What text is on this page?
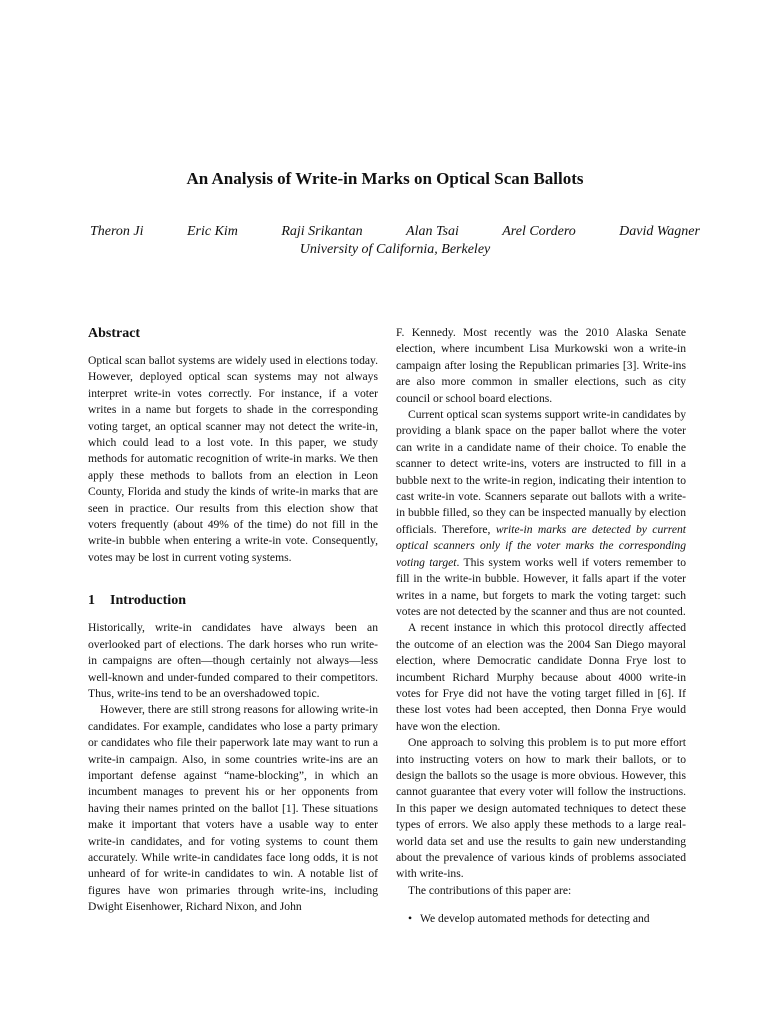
An Analysis of Write-in Marks on Optical Scan Ballots
Theron Ji	Eric Kim	Raji Srikantan	Alan Tsai	Arel Cordero	David Wagner
University of California, Berkeley
Abstract

Optical scan ballot systems are widely used in elections today. However, deployed optical scan systems may not always interpret write-in votes correctly. For instance, if a voter writes in a name but forgets to shade in the corresponding voting target, an optical scanner may not detect the write-in, which could lead to a lost vote. In this paper, we study methods for automatic recognition of write-in marks. We then apply these methods to ballots from an election in Leon County, Florida and study the kinds of write-in marks that are seen in practice. Our results from this election show that voters frequently (about 49% of the time) do not fill in the write-in bubble when entering a write-in vote. Consequently, votes may be lost in current voting systems.

1 Introduction

Historically, write-in candidates have always been an overlooked part of elections. The dark horses who run write-in campaigns are often—though certainly not always—less well-known and under-funded compared to their competitors. Thus, write-ins tend to be an overshadowed topic.

However, there are still strong reasons for allowing write-in candidates. For example, candidates who lose a party primary or candidates who file their paperwork late may want to run a write-in campaign. Also, in some countries write-ins are an important defense against “name-blocking”, in which an incumbent manages to prevent his or her opponents from having their names printed on the ballot [1]. These situations make it important that voters have a usable way to enter write-in candidates, and for voting systems to count them accurately. While write-in candidates face long odds, it is not unheard of for write-in candidates to win. A notable list of figures have won primaries through write-ins, including Dwight Eisenhower, Richard Nixon, and John

F. Kennedy. Most recently was the 2010 Alaska Senate election, where incumbent Lisa Murkowski won a write-in campaign after losing the Republican primaries [3]. Write-ins are also more common in smaller elections, such as city council or school board elections.

Current optical scan systems support write-in candidates by providing a blank space on the paper ballot where the voter can write in a candidate name of their choice. To enable the scanner to detect write-ins, voters are instructed to fill in a bubble next to the write-in region, indicating their intention to cast write-in vote. Scanners separate out ballots with a write-in bubble filled, so they can be inspected manually by election officials. Therefore, write-in marks are detected by current optical scanners only if the voter marks the corresponding voting target. This system works well if voters remember to fill in the write-in bubble. However, it falls apart if the voter writes in a name, but forgets to mark the voting target: such votes are not detected by the scanner and thus are not counted.

A recent instance in which this protocol directly affected the outcome of an election was the 2004 San Diego mayoral election, where Democratic candidate Donna Frye lost to incumbent Richard Murphy because about 4000 write-in votes for Frye did not have the voting target filled in [6]. If these lost votes had been accepted, then Donna Frye would have won the election.

One approach to solving this problem is to put more effort into instructing voters on how to mark their ballots, or to design the ballots so the usage is more obvious. However, this cannot guarantee that every voter will follow the instructions. In this paper we design automated techniques to detect these types of errors. We also apply these methods to a large real-world data set and use the results to gain new understanding about the prevalence of various kinds of problems associated with write-ins.

The contributions of this paper are:

• We develop automated methods for detecting and
